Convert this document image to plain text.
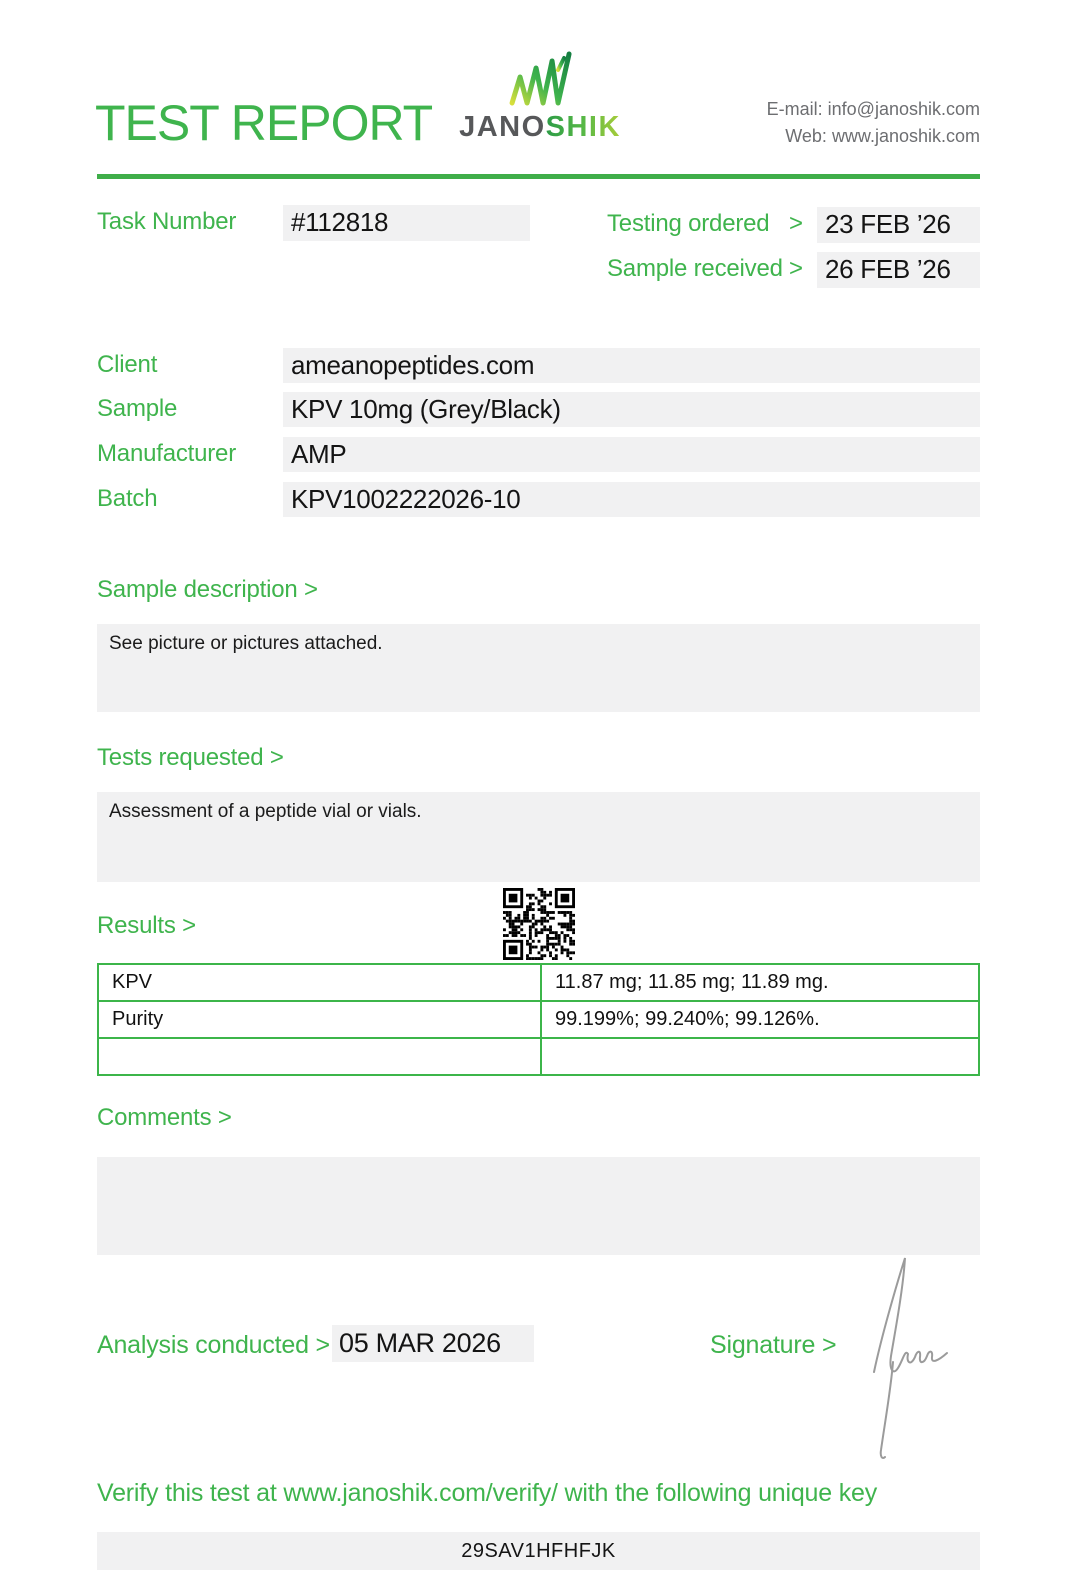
TEST REPORT JANOSHIK
E-mail: info@janoshik.com
Web: www.janoshik.com
Task Number	#112818	Testing ordered > 23 FEB ’26
Sample received > 26 FEB ’26
Client	ameanopeptides.com
Sample	KPV 10mg (Grey/Black)
Manufacturer	AMP
Batch	KPV1002222026-10
Sample description >
See picture or pictures attached.
Tests requested >
Assessment of a peptide vial or vials.
Results >
KPV	11.87 mg; 11.85 mg; 11.89 mg.
Purity	99.199%; 99.240%; 99.126%.

Comments >
Analysis conducted > 05 MAR 2026	Signature >
Verify this test at www.janoshik.com/verify/ with the following unique key
29SAV1HFHFJK
